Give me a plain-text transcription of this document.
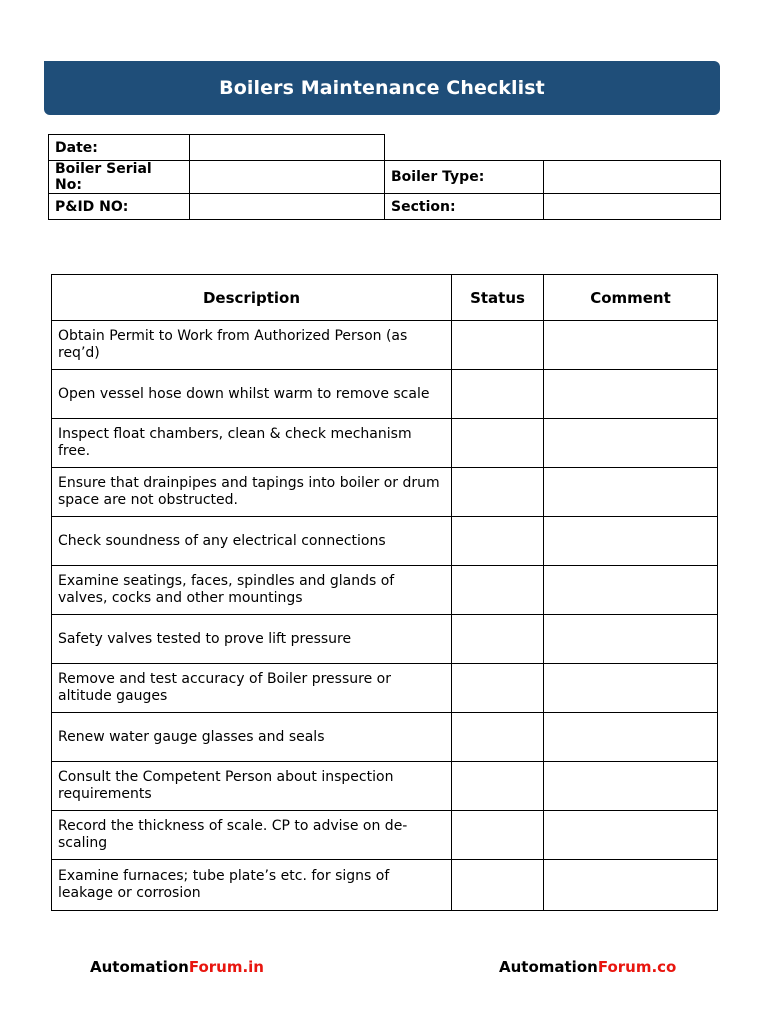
Boilers Maintenance Checklist
Date:			
Boiler Serial No:		Boiler Type:	
P&ID NO:		Section:	
Description	Status	Comment
Obtain Permit to Work from Authorized Person (as req’d)		
Open vessel hose down whilst warm to remove scale		
Inspect float chambers, clean & check mechanism free.		
Ensure that drainpipes and tapings into boiler or drum space are not obstructed.		
Check soundness of any electrical connections		
Examine seatings, faces, spindles and glands of valves, cocks and other mountings		
Safety valves tested to prove lift pressure		
Remove and test accuracy of Boiler pressure or altitude gauges		
Renew water gauge glasses and seals		
Consult the Competent Person about inspection requirements		
Record the thickness of scale. CP to advise on de-scaling		
Examine furnaces; tube plate’s etc. for signs of leakage or corrosion		
AutomationForum.in	AutomationForum.co
